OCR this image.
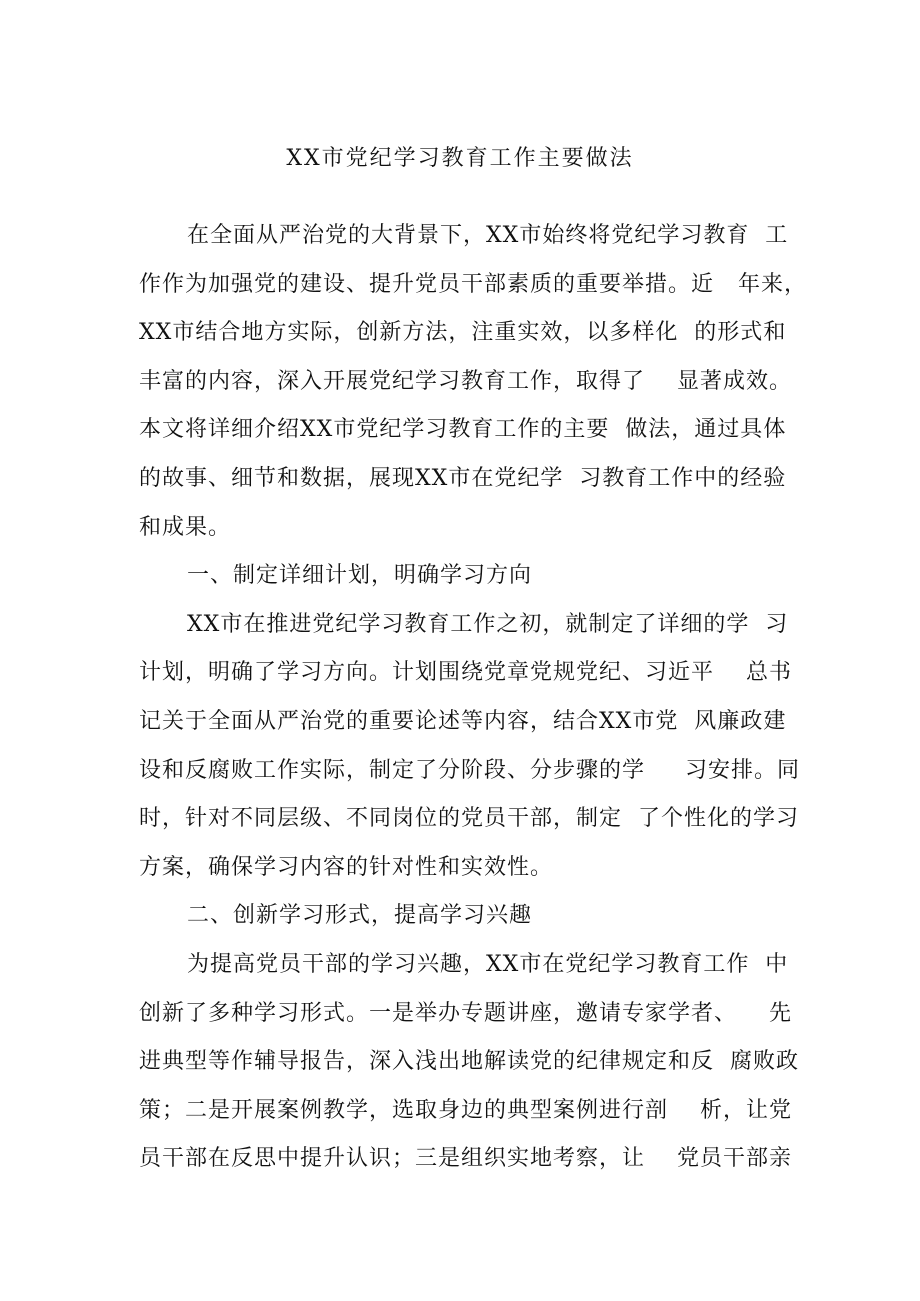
XX市党纪学习教育工作主要做法
在全面从严治党的大背景下，XX市始终将党纪学习教育  工
作作为加强党的建设、提升党员干部素质的重要举措。近   年来，
XX市结合地方实际，创新方法，注重实效，以多样化  的形式和
丰富的内容，深入开展党纪学习教育工作，取得了    显著成效。
本文将详细介绍XX市党纪学习教育工作的主要  做法，通过具体
的故事、细节和数据，展现XX市在党纪学  习教育工作中的经验
和成果。
一、制定详细计划，明确学习方向
XX市在推进党纪学习教育工作之初，就制定了详细的学  习
计划，明确了学习方向。计划围绕党章党规党纪、习近平    总书
记关于全面从严治党的重要论述等内容，结合XX市党  风廉政建
设和反腐败工作实际，制定了分阶段、分步骤的学     习安排。同
时，针对不同层级、不同岗位的党员干部，制定  了个性化的学习
方案，确保学习内容的针对性和实效性。
二、创新学习形式，提高学习兴趣
为提高党员干部的学习兴趣，XX市在党纪学习教育工作  中
创新了多种学习形式。一是举办专题讲座，邀请专家学者、    先
进典型等作辅导报告，深入浅出地解读党的纪律规定和反  腐败政
策；二是开展案例教学，选取身边的典型案例进行剖    析，让党
员干部在反思中提升认识；三是组织实地考察，让    党员干部亲
